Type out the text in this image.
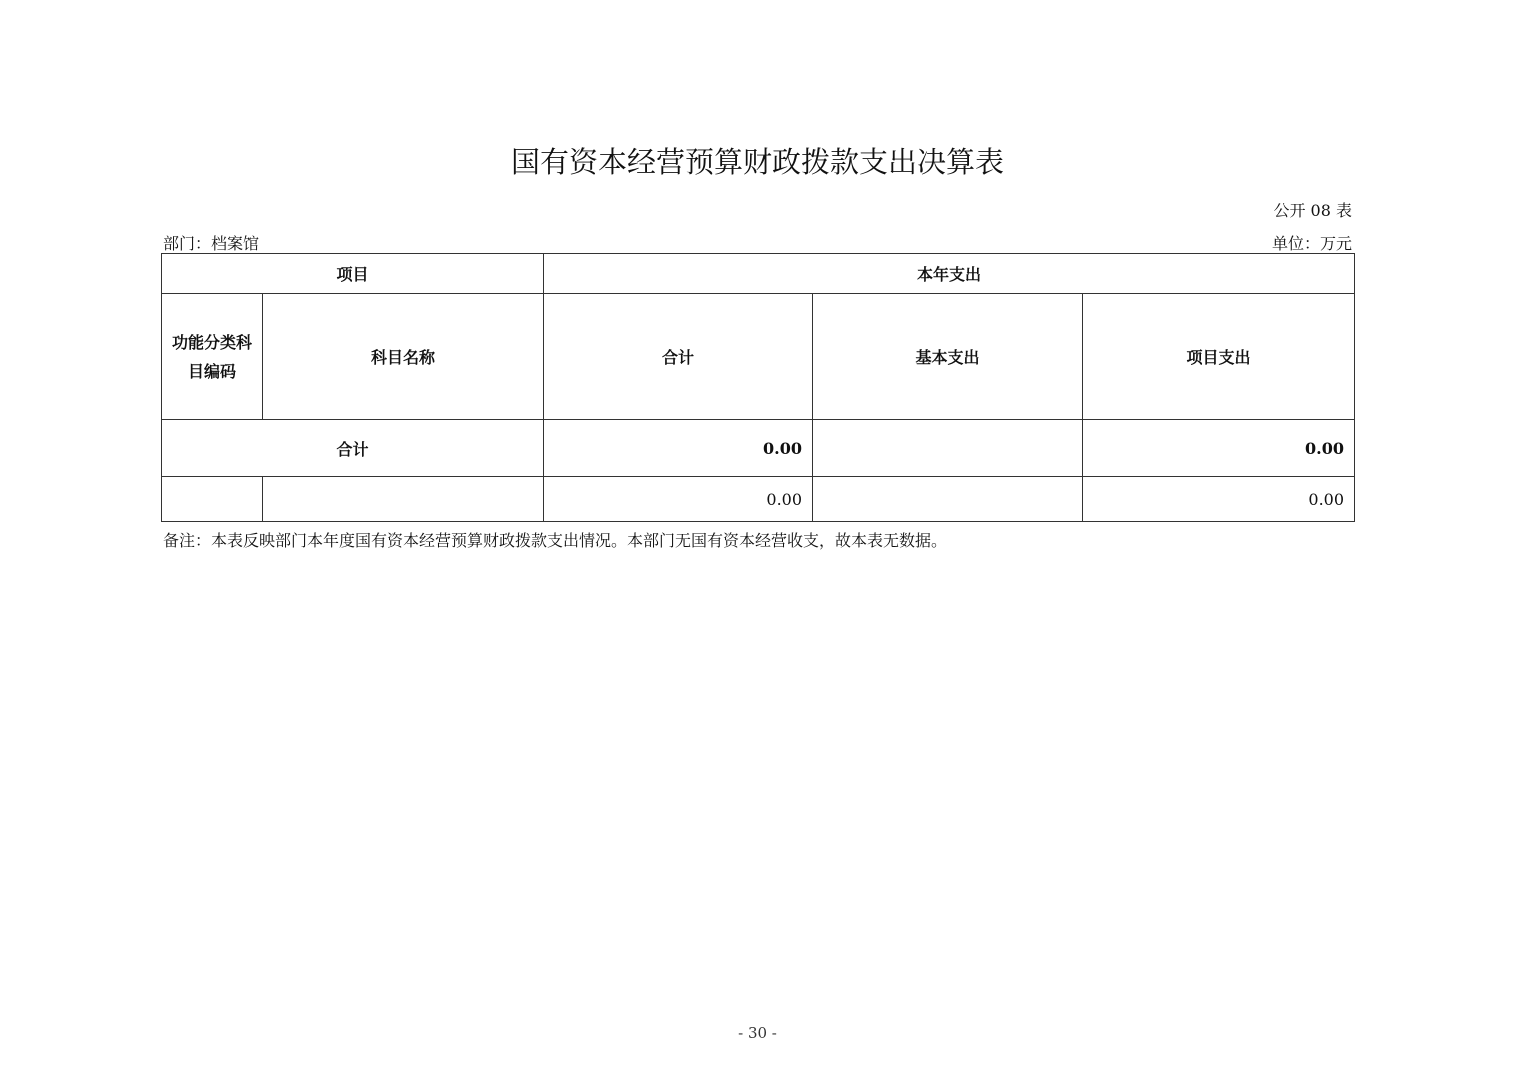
国有资本经营预算财政拨款支出决算表
公开 08 表
部门：档案馆	单位：万元
项目		本年支出		

功能分类科
目编码	科目名称	合计	基本支出	项目支出
合计		0.00		0.00
		0.00		0.00
备注：本表反映部门本年度国有资本经营预算财政拨款支出情况。本部门无国有资本经营收支，故本表无数据。
- 30 -
